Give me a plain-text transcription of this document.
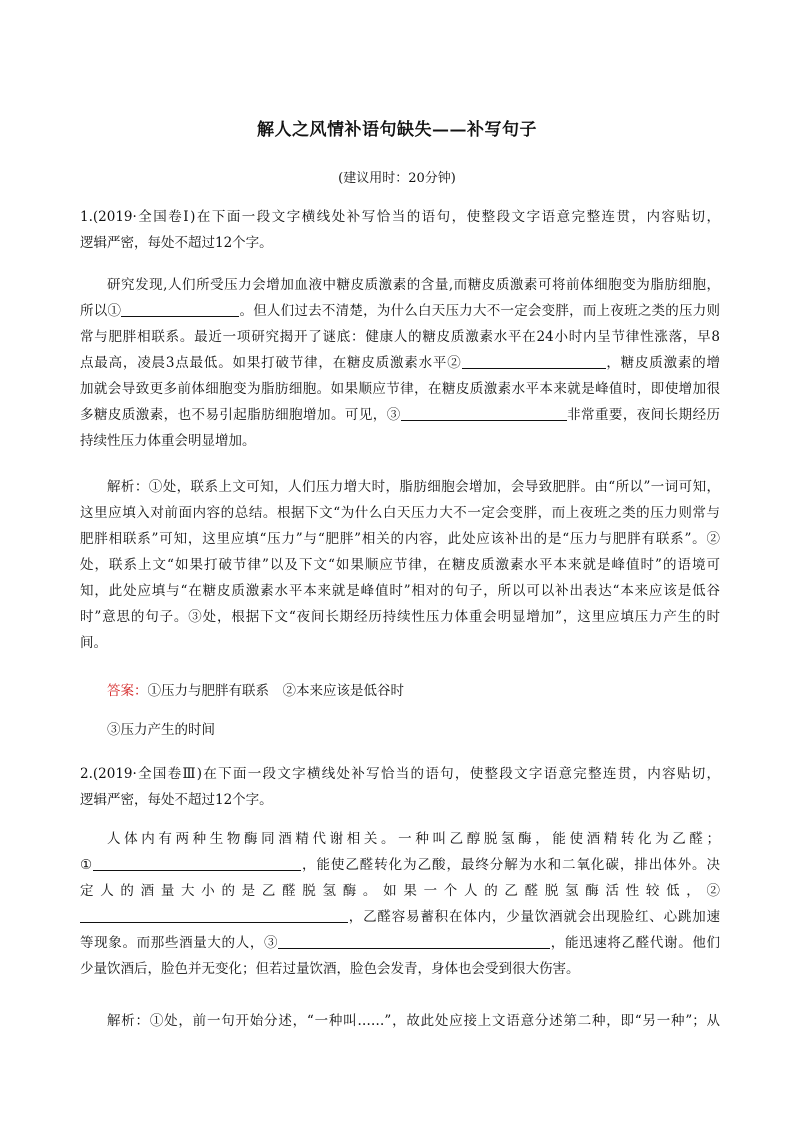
解人之风情补语句缺失——补写句子
(建议用时：20分钟)
1.(2019·全国卷Ⅰ)在下面一段文字横线处补写恰当的语句，使整段文字语意完整连贯，内容贴切，
逻辑严密，每处不超过12个字。
研究发现,人们所受压力会增加血液中糖皮质激素的含量,而糖皮质激素可将前体细胞变为脂肪细胞，
所以①	。但人们过去不清楚，为什么白天压力大不一定会变胖，而上夜班之类的压力则
常与肥胖相联系。最近一项研究揭开了谜底：健康人的糖皮质激素水平在24小时内呈节律性涨落，早8
点最高，凌晨3点最低。如果打破节律，在糖皮质激素水平②	，糖皮质激素的增
加就会导致更多前体细胞变为脂肪细胞。如果顺应节律，在糖皮质激素水平本来就是峰值时，即使增加很
多糖皮质激素，也不易引起脂肪细胞增加。可见，③	非常重要，夜间长期经历
持续性压力体重会明显增加。
解析：①处，联系上文可知，人们压力增大时，脂肪细胞会增加，会导致肥胖。由“所以”一词可知，
这里应填入对前面内容的总结。根据下文“为什么白天压力大不一定会变胖，而上夜班之类的压力则常与
肥胖相联系”可知，这里应填“压力”与“肥胖”相关的内容，此处应该补出的是“压力与肥胖有联系”。②
处，联系上文“如果打破节律”以及下文“如果顺应节律，在糖皮质激素水平本来就是峰值时”的语境可
知，此处应填与“在糖皮质激素水平本来就是峰值时”相对的句子，所以可以补出表达“本来应该是低谷
时”意思的句子。③处，根据下文“夜间长期经历持续性压力体重会明显增加”，这里应填压力产生的时
间。
答案：①压力与肥胖有联系　②本来应该是低谷时
③压力产生的时间
2.(2019·全国卷Ⅲ)在下面一段文字横线处补写恰当的语句，使整段文字语意完整连贯，内容贴切，
逻辑严密，每处不超过12个字。
人体内有两种生物酶同酒精代谢相关。一种叫乙醇脱氢酶，能使酒精转化为乙醛；
①	，能使乙醛转化为乙酸，最终分解为水和二氧化碳，排出体外。决
定人的酒量大小的是乙醛脱氢酶。如果一个人的乙醛脱氢酶活性较低，②
，乙醛容易蓄积在体内，少量饮酒就会出现脸红、心跳加速
等现象。而那些酒量大的人，③	，能迅速将乙醛代谢。他们
少量饮酒后，脸色并无变化；但若过量饮酒，脸色会发青，身体也会受到很大伤害。
解析：①处，前一句开始分述，“一种叫……”，故此处应接上文语意分述第二种，即“另一种”；从
